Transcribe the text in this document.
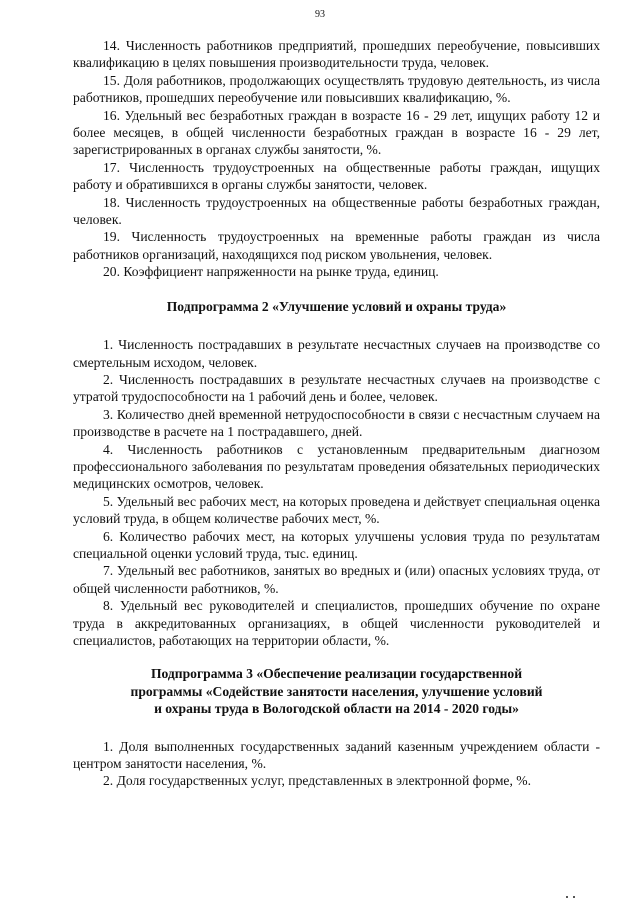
93

14. Численность работников предприятий, прошедших переобучение, повысивших квалификацию в целях повышения производительности труда, человек.

15. Доля работников, продолжающих осуществлять трудовую деятельность, из числа работников, прошедших переобучение или повысивших квалификацию, %.

16. Удельный вес безработных граждан в возрасте 16 - 29 лет, ищущих работу 12 и более месяцев, в общей численности безработных граждан в возрасте 16 - 29 лет, зарегистрированных в органах службы занятости, %.

17. Численность трудоустроенных на общественные работы граждан, ищущих работу и обратившихся в органы службы занятости, человек.

18. Численность трудоустроенных на общественные работы безработных граждан, человек.

19. Численность трудоустроенных на временные работы граждан из числа работников организаций, находящихся под риском увольнения, человек.

20. Коэффициент напряженности на рынке труда, единиц.

Подпрограмма 2 «Улучшение условий и охраны труда»

1. Численность пострадавших в результате несчастных случаев на производстве со смертельным исходом, человек.

2. Численность пострадавших в результате несчастных случаев на производстве с утратой трудоспособности на 1 рабочий день и более, человек.

3. Количество дней временной нетрудоспособности в связи с несчастным случаем на производстве в расчете на 1 пострадавшего, дней.

4. Численность работников с установленным предварительным диагнозом профессионального заболевания по результатам проведения обязательных периодических медицинских осмотров, человек.

5. Удельный вес рабочих мест, на которых проведена и действует специальная оценка условий труда, в общем количестве рабочих мест, %.

6. Количество рабочих мест, на которых улучшены условия труда по результатам специальной оценки условий труда, тыс. единиц.

7. Удельный вес работников, занятых во вредных и (или) опасных условиях труда, от общей численности работников, %.

8. Удельный вес руководителей и специалистов, прошедших обучение по охране труда в аккредитованных организациях, в общей численности руководителей и специалистов, работающих на территории области, %.

Подпрограмма 3 «Обеспечение реализации государственной
программы «Содействие занятости населения, улучшение условий
и охраны труда в Вологодской области на 2014 - 2020 годы»

1. Доля выполненных государственных заданий казенным учреждением области - центром занятости населения, %.

2. Доля государственных услуг, представленных в электронной форме, %.
